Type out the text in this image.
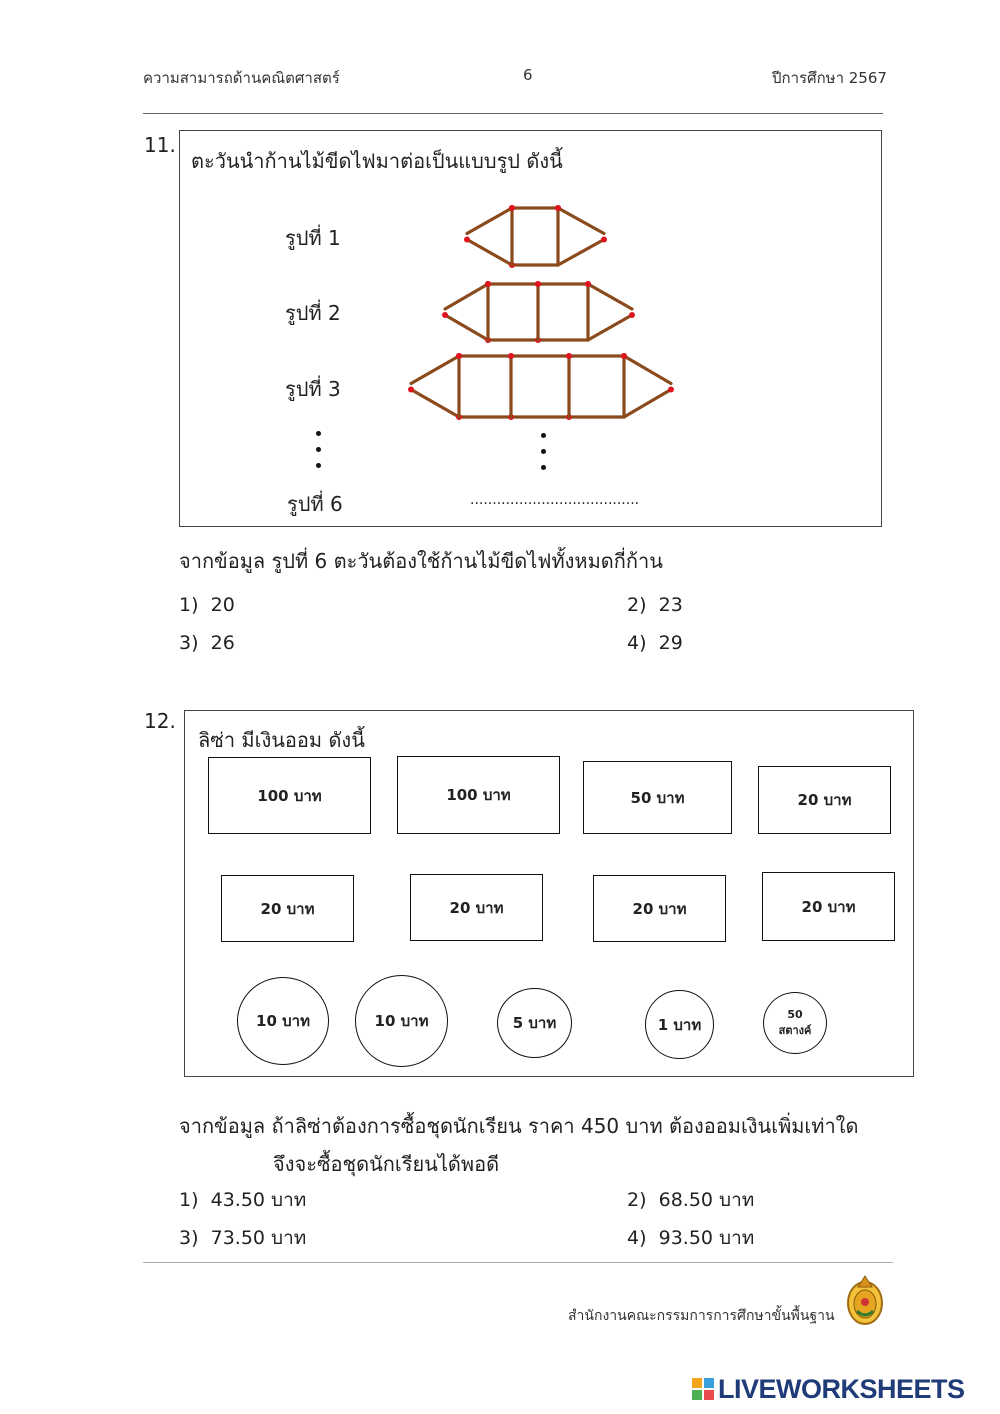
ความสามารถด้านคณิตศาสตร์	6	ปีการศึกษา 2567
11.
ตะวันนำก้านไม้ขีดไฟมาต่อเป็นแบบรูป ดังนี้
รูปที่ 1
รูปที่ 2
รูปที่ 3
รูปที่ 6	......................................
จากข้อมูล รูปที่ 6 ตะวันต้องใช้ก้านไม้ขีดไฟทั้งหมดกี่ก้าน
1) 20	2) 23
3) 26	4) 29
12.
ลิซ่า มีเงินออม ดังนี้
100 บาท	100 บาท	50 บาท	20 บาท
20 บาท	20 บาท	20 บาท	20 บาท
10 บาท	10 บาท	5 บาท	1 บาท
50
สตางค์
จากข้อมูล ถ้าลิซ่าต้องการซื้อชุดนักเรียน ราคา 450 บาท ต้องออมเงินเพิ่มเท่าใด
จึงจะซื้อชุดนักเรียนได้พอดี
1) 43.50 บาท	2) 68.50 บาท
3) 73.50 บาท	4) 93.50 บาท
สำนักงานคณะกรรมการการศึกษาขั้นพื้นฐาน
LIVEWORKSHEETS
